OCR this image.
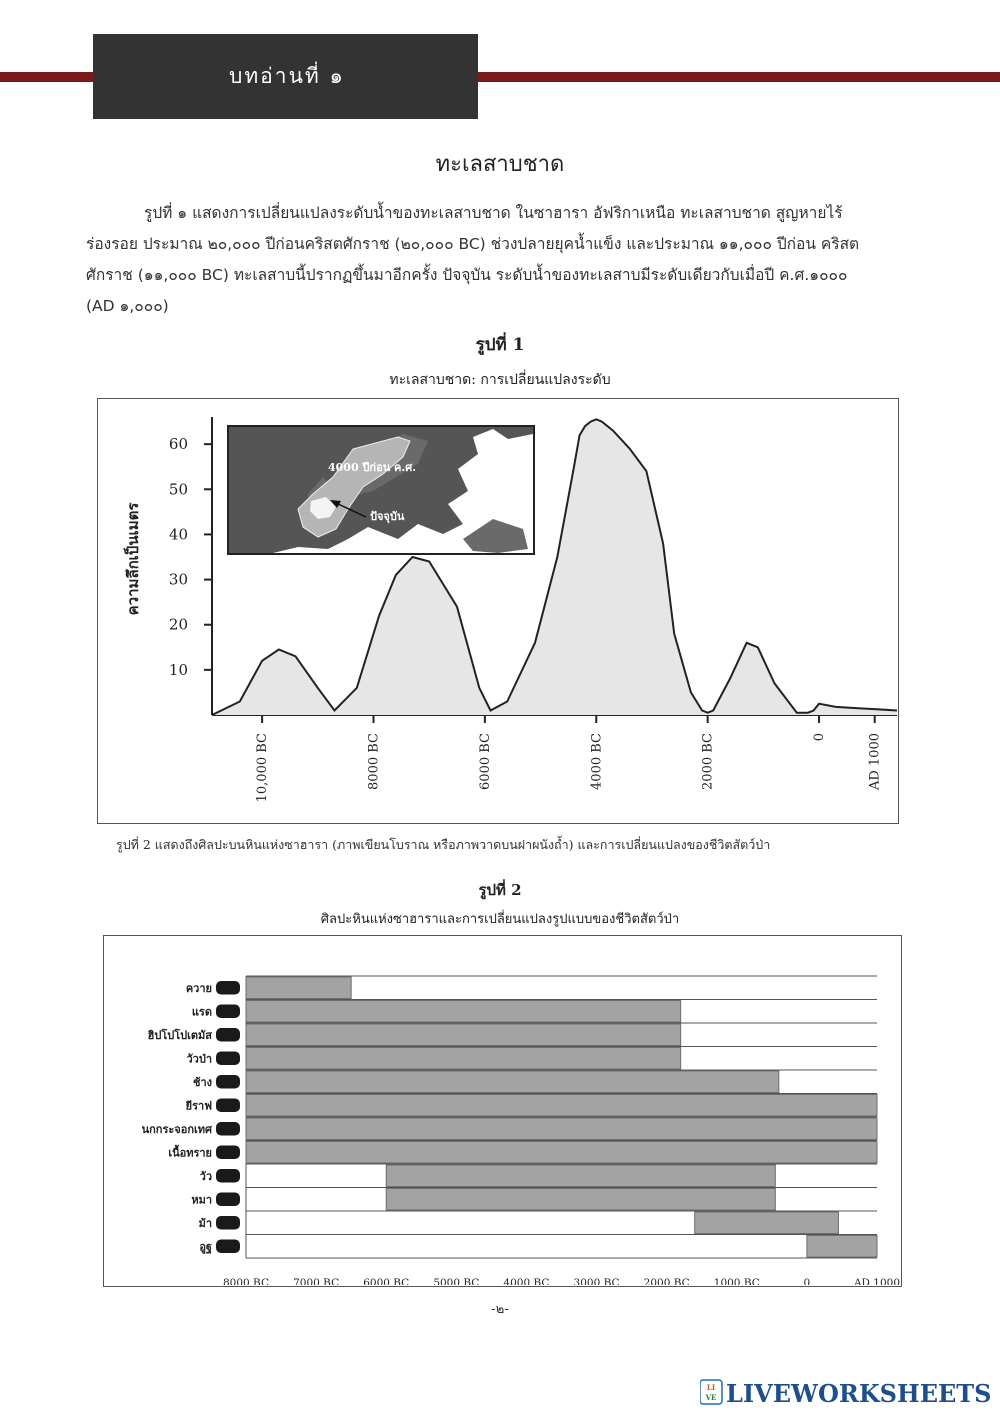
บทอ่านที่ ๑
ทะเลสาบชาด
รูปที่ ๑ แสดงการเปลี่ยนแปลงระดับน้ำของทะเลสาบชาด ในซาฮารา อัฟริกาเหนือ ทะเลสาบชาด สูญหายไร้ร่องรอย ประมาณ ๒๐,๐๐๐ ปีก่อนคริสตศักราช (๒๐,๐๐๐ BC) ช่วงปลายยุคน้ำแข็ง และประมาณ ๑๑,๐๐๐ ปีก่อน คริสตศักราช (๑๑,๐๐๐ BC) ทะเลสาบนี้ปรากฏขึ้นมาอีกครั้ง ปัจจุบัน ระดับน้ำของทะเลสาบมีระดับเดียวกับเมื่อปี ค.ศ.๑๐๐๐ (AD ๑,๐๐๐)
รูปที่ 1
ทะเลสาบชาด: การเปลี่ยนแปลงระดับ
10
20
30
40
50
60
10,000 BC	8000 BC	6000 BC	4000 BC	2000 BC	0	AD 1000
ความลึกเป็นเมตร
4000 ปีก่อน ค.ศ.
ปัจจุบัน
รูปที่ 2 แสดงถึงศิลปะบนหินแห่งซาฮารา (ภาพเขียนโบราณ หรือภาพวาดบนฝาผนังถ้ำ) และการเปลี่ยนแปลงของชีวิตสัตว์ป่า
รูปที่ 2
ศิลปะหินแห่งซาฮาราและการเปลี่ยนแปลงรูปแบบของชีวิตสัตว์ป่า
ควาย
แรด
ฮิปโปโปเตมัส
วัวป่า
ช้าง
ยีราฟ
นกกระจอกเทศ
เนื้อทราย
วัว
หมา
ม้า
อูฐ
8000 BC 7000 BC 6000 BC 5000 BC 4000 BC 3000 BC 2000 BC 1000 BC	0	AD 1000
-๒-
LI
VE LIVEWORKSHEETS
